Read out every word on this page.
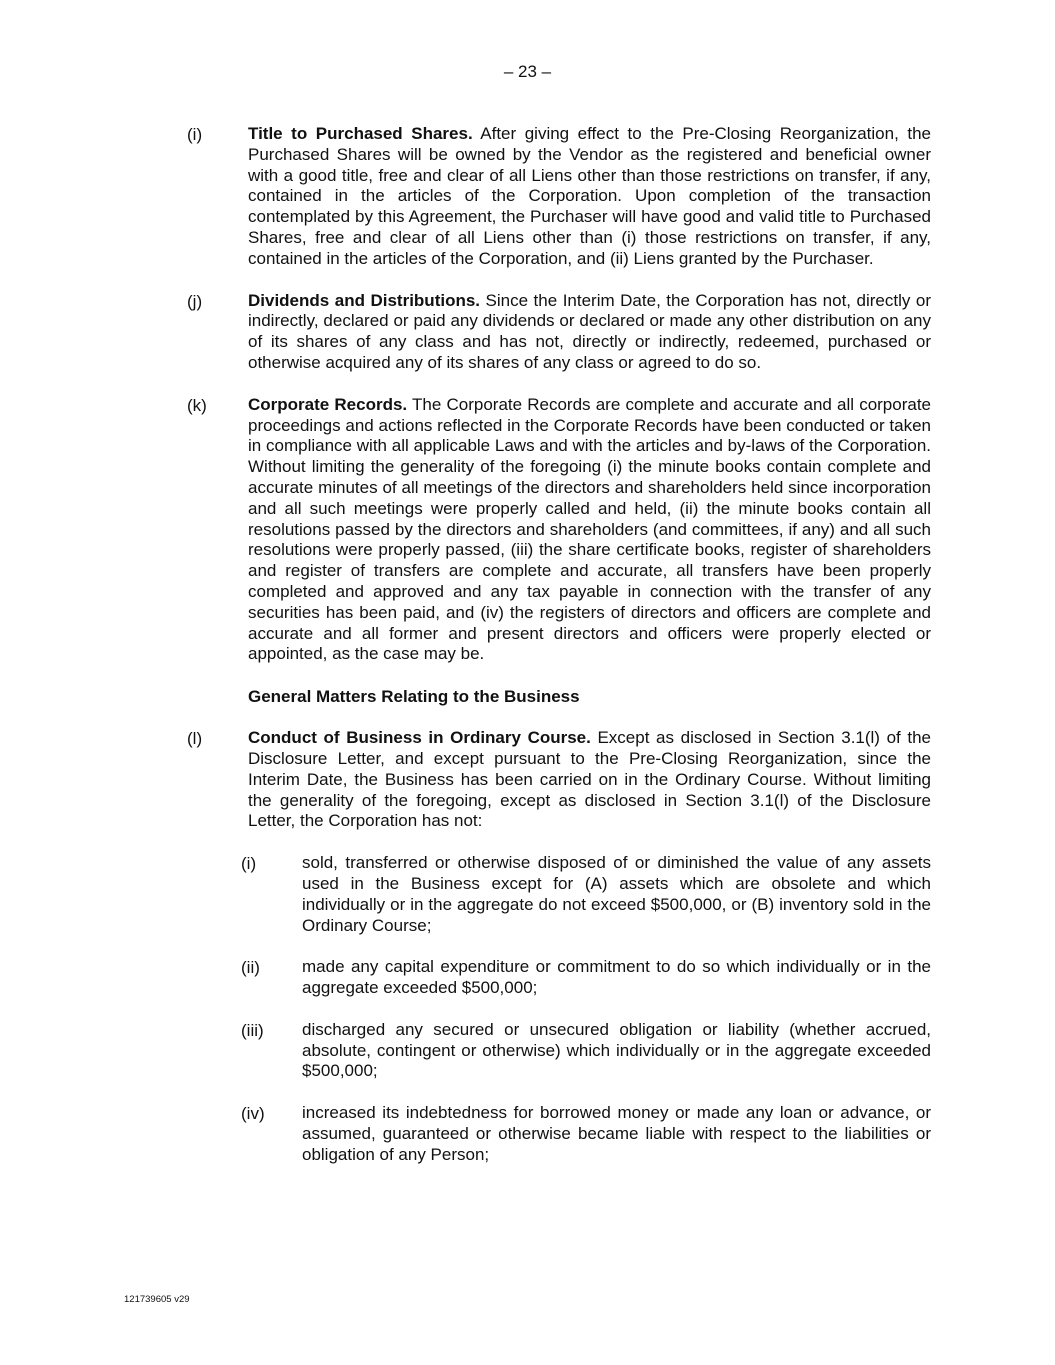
– 23 –
(i)	Title to Purchased Shares. After giving effect to the Pre-Closing Reorganization, the Purchased Shares will be owned by the Vendor as the registered and beneficial owner with a good title, free and clear of all Liens other than those restrictions on transfer, if any, contained in the articles of the Corporation. Upon completion of the transaction contemplated by this Agreement, the Purchaser will have good and valid title to Purchased Shares, free and clear of all Liens other than (i) those restrictions on transfer, if any, contained in the articles of the Corporation, and (ii) Liens granted by the Purchaser.
(j)	Dividends and Distributions. Since the Interim Date, the Corporation has not, directly or indirectly, declared or paid any dividends or declared or made any other distribution on any of its shares of any class and has not, directly or indirectly, redeemed, purchased or otherwise acquired any of its shares of any class or agreed to do so.
(k) Corporate Records. The Corporate Records are complete and accurate and all corporate proceedings and actions reflected in the Corporate Records have been conducted or taken in compliance with all applicable Laws and with the articles and by-laws of the Corporation. Without limiting the generality of the foregoing (i) the minute books contain complete and accurate minutes of all meetings of the directors and shareholders held since incorporation and all such meetings were properly called and held, (ii) the minute books contain all resolutions passed by the directors and shareholders (and committees, if any) and all such resolutions were properly passed, (iii) the share certificate books, register of shareholders and register of transfers are complete and accurate, all transfers have been properly completed and approved and any tax payable in connection with the transfer of any securities has been paid, and (iv) the registers of directors and officers are complete and accurate and all former and present directors and officers were properly elected or appointed, as the case may be.
General Matters Relating to the Business
(l)	Conduct of Business in Ordinary Course. Except as disclosed in Section 3.1(l) of the Disclosure Letter, and except pursuant to the Pre-Closing Reorganization, since the Interim Date, the Business has been carried on in the Ordinary Course. Without limiting the generality of the foregoing, except as disclosed in Section 3.1(l) of the Disclosure Letter, the Corporation has not:
(i)	sold, transferred or otherwise disposed of or diminished the value of any assets used in the Business except for (A) assets which are obsolete and which individually or in the aggregate do not exceed $500,000, or (B) inventory sold in the Ordinary Course;
(ii) made any capital expenditure or commitment to do so which individually or in the aggregate exceeded $500,000;
(iii) discharged any secured or unsecured obligation or liability (whether accrued, absolute, contingent or otherwise) which individually or in the aggregate exceeded $500,000;
(iv) increased its indebtedness for borrowed money or made any loan or advance, or assumed, guaranteed or otherwise became liable with respect to the liabilities or obligation of any Person;
121739605 v29
